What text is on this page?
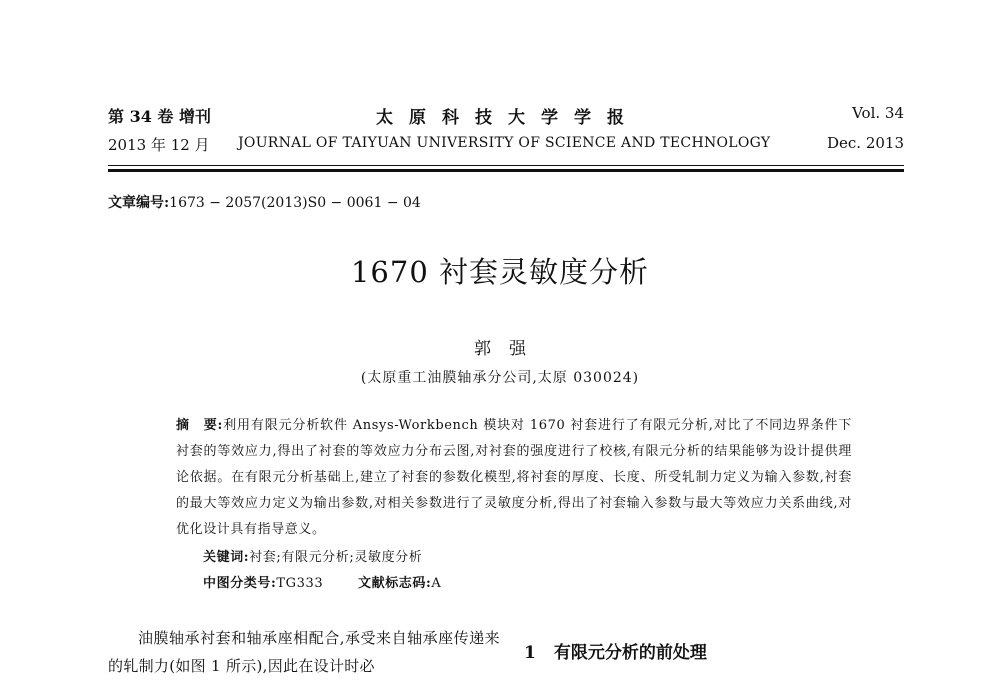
第 34 卷 增刊	太原科技大学学报	Vol. 34
2013 年 12 月 JOURNAL OF TAIYUAN UNIVERSITY OF SCIENCE AND TECHNOLOGY	Dec. 2013
文章编号:1673 − 2057(2013)S0 − 0061 − 04
1670 衬套灵敏度分析
郭强
(太原重工油膜轴承分公司,太原 030024)
摘　要:利用有限元分析软件 Ansys-Workbench 模块对 1670 衬套进行了有限元分析,对比了不同边界条件下衬套的等效应力,得出了衬套的等效应力分布云图,对衬套的强度进行了校核,有限元分析的结果能够为设计提供理论依据。在有限元分析基础上,建立了衬套的参数化模型,将衬套的厚度、长度、所受轧制力定义为输入参数,衬套的最大等效应力定义为输出参数,对相关参数进行了灵敏度分析,得出了衬套输入参数与最大等效应力关系曲线,对优化设计具有指导意义。
关键词:衬套;有限元分析;灵敏度分析
中图分类号:TG333	文献标志码:A
油膜轴承衬套和轴承座相配合,承受来自轴承座传递来的轧制力(如图 1 所示),因此在设计时必
1 有限元分析的前处理
